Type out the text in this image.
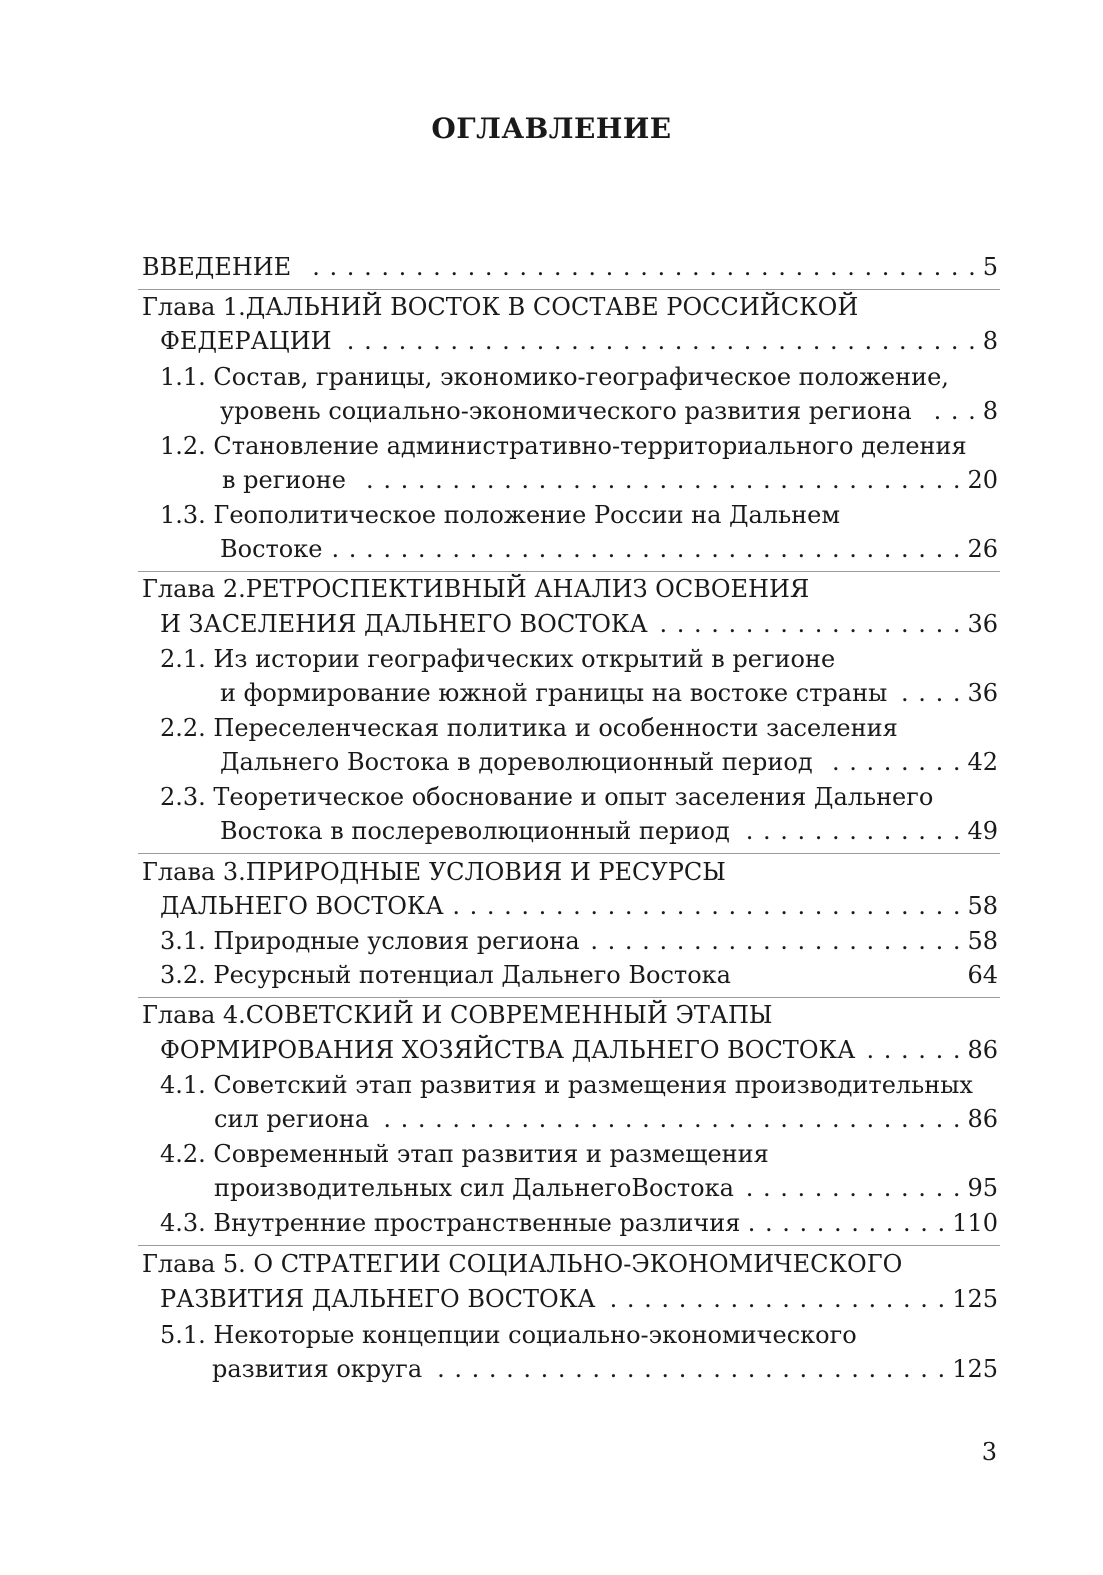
ОГЛАВЛЕНИЕ
ВВЕДЕНИЕ . . .	5
Глава 1.ДАЛЬНИЙ ВОСТОК В СОСТАВЕ РОССИЙСКОЙ
ФЕДЕРАЦИИ . . .	8
1.1. Состав, границы, экономико-географическое положение,
уровень социально-экономического развития региона . . .	8
1.2. Становление административно-территориального деления
в регионе . . .	20
1.3. Геополитическое положение России на Дальнем
Востоке . . .	26
Глава 2.РЕТРОСПЕКТИВНЫЙ АНАЛИЗ ОСВОЕНИЯ
И ЗАСЕЛЕНИЯ ДАЛЬНЕГО ВОСТОКА . . .	36
2.1. Из истории географических открытий в регионе
и формирование южной границы на востоке страны . . .	36
2.2. Переселенческая политика и особенности заселения
Дальнего Востока в дореволюционный период . . .	42
2.3. Теоретическое обоснование и опыт заселения Дальнего
Востока в послереволюционный период . . .	49
Глава 3.ПРИРОДНЫЕ УСЛОВИЯ И РЕСУРСЫ
ДАЛЬНЕГО ВОСТОКА . . .	58
3.1. Природные условия региона . . .	58
3.2. Ресурсный потенциал Дальнего Востока	64
Глава 4.СОВЕТСКИЙ И СОВРЕМЕННЫЙ ЭТАПЫ
ФОРМИРОВАНИЯ ХОЗЯЙСТВА ДАЛЬНЕГО ВОСТОКА . . .	86
4.1. Советский этап развития и размещения производительных
сил региона . . .	86
4.2. Современный этап развития и размещения
производительных сил ДальнегоВостока . . .	95
4.3. Внутренние пространственные различия . . .	110
Глава 5. О СТРАТЕГИИ СОЦИАЛЬНО-ЭКОНОМИЧЕСКОГО
РАЗВИТИЯ ДАЛЬНЕГО ВОСТОКА . . .	125
5.1. Некоторые концепции социально-экономического
развития округа . . .	125
3
